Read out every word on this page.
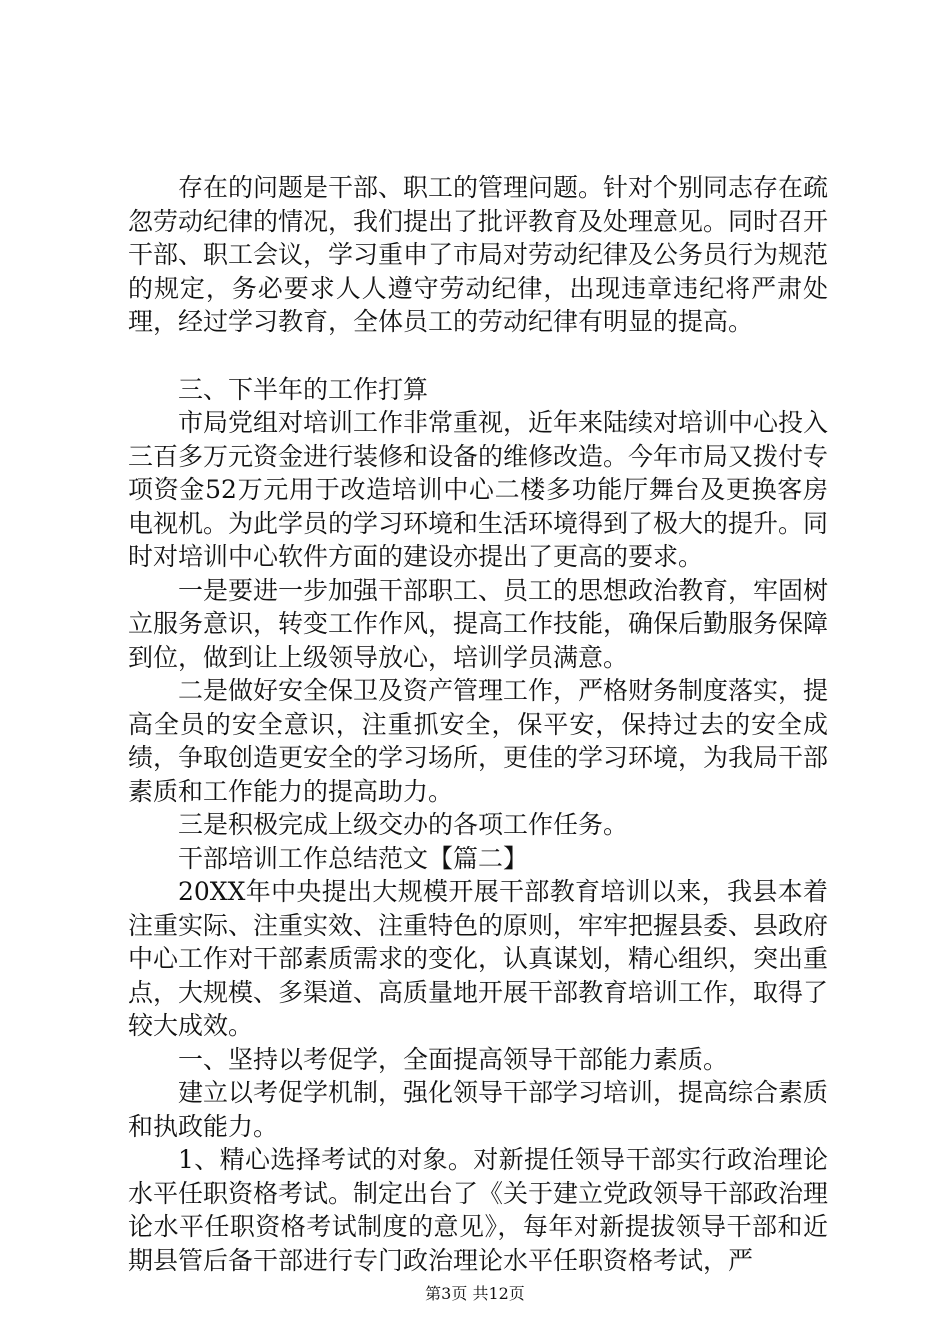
存在的问题是干部、职工的管理问题。针对个别同志存在疏忽劳动纪律的情况，我们提出了批评教育及处理意见。同时召开干部、职工会议，学习重申了市局对劳动纪律及公务员行为规范的规定，务必要求人人遵守劳动纪律，出现违章违纪将严肃处理，经过学习教育，全体员工的劳动纪律有明显的提高。

三、下半年的工作打算

市局党组对培训工作非常重视，近年来陆续对培训中心投入三百多万元资金进行装修和设备的维修改造。今年市局又拨付专项资金52万元用于改造培训中心二楼多功能厅舞台及更换客房电视机。为此学员的学习环境和生活环境得到了极大的提升。同时对培训中心软件方面的建设亦提出了更高的要求。

一是要进一步加强干部职工、员工的思想政治教育，牢固树立服务意识，转变工作作风，提高工作技能，确保后勤服务保障到位，做到让上级领导放心，培训学员满意。

二是做好安全保卫及资产管理工作，严格财务制度落实，提高全员的安全意识，注重抓安全，保平安，保持过去的安全成绩，争取创造更安全的学习场所，更佳的学习环境，为我局干部素质和工作能力的提高助力。

三是积极完成上级交办的各项工作任务。

干部培训工作总结范文【篇二】

20XX年中央提出大规模开展干部教育培训以来，我县本着注重实际、注重实效、注重特色的原则，牢牢把握县委、县政府中心工作对干部素质需求的变化，认真谋划，精心组织，突出重点，大规模、多渠道、高质量地开展干部教育培训工作，取得了较大成效。

一、坚持以考促学，全面提高领导干部能力素质。

建立以考促学机制，强化领导干部学习培训，提高综合素质和执政能力。

1、精心选择考试的对象。对新提任领导干部实行政治理论水平任职资格考试。制定出台了《关于建立党政领导干部政治理论水平任职资格考试制度的意见》，每年对新提拔领导干部和近期县管后备干部进行专门政治理论水平任职资格考试，严

第3页 共12页
